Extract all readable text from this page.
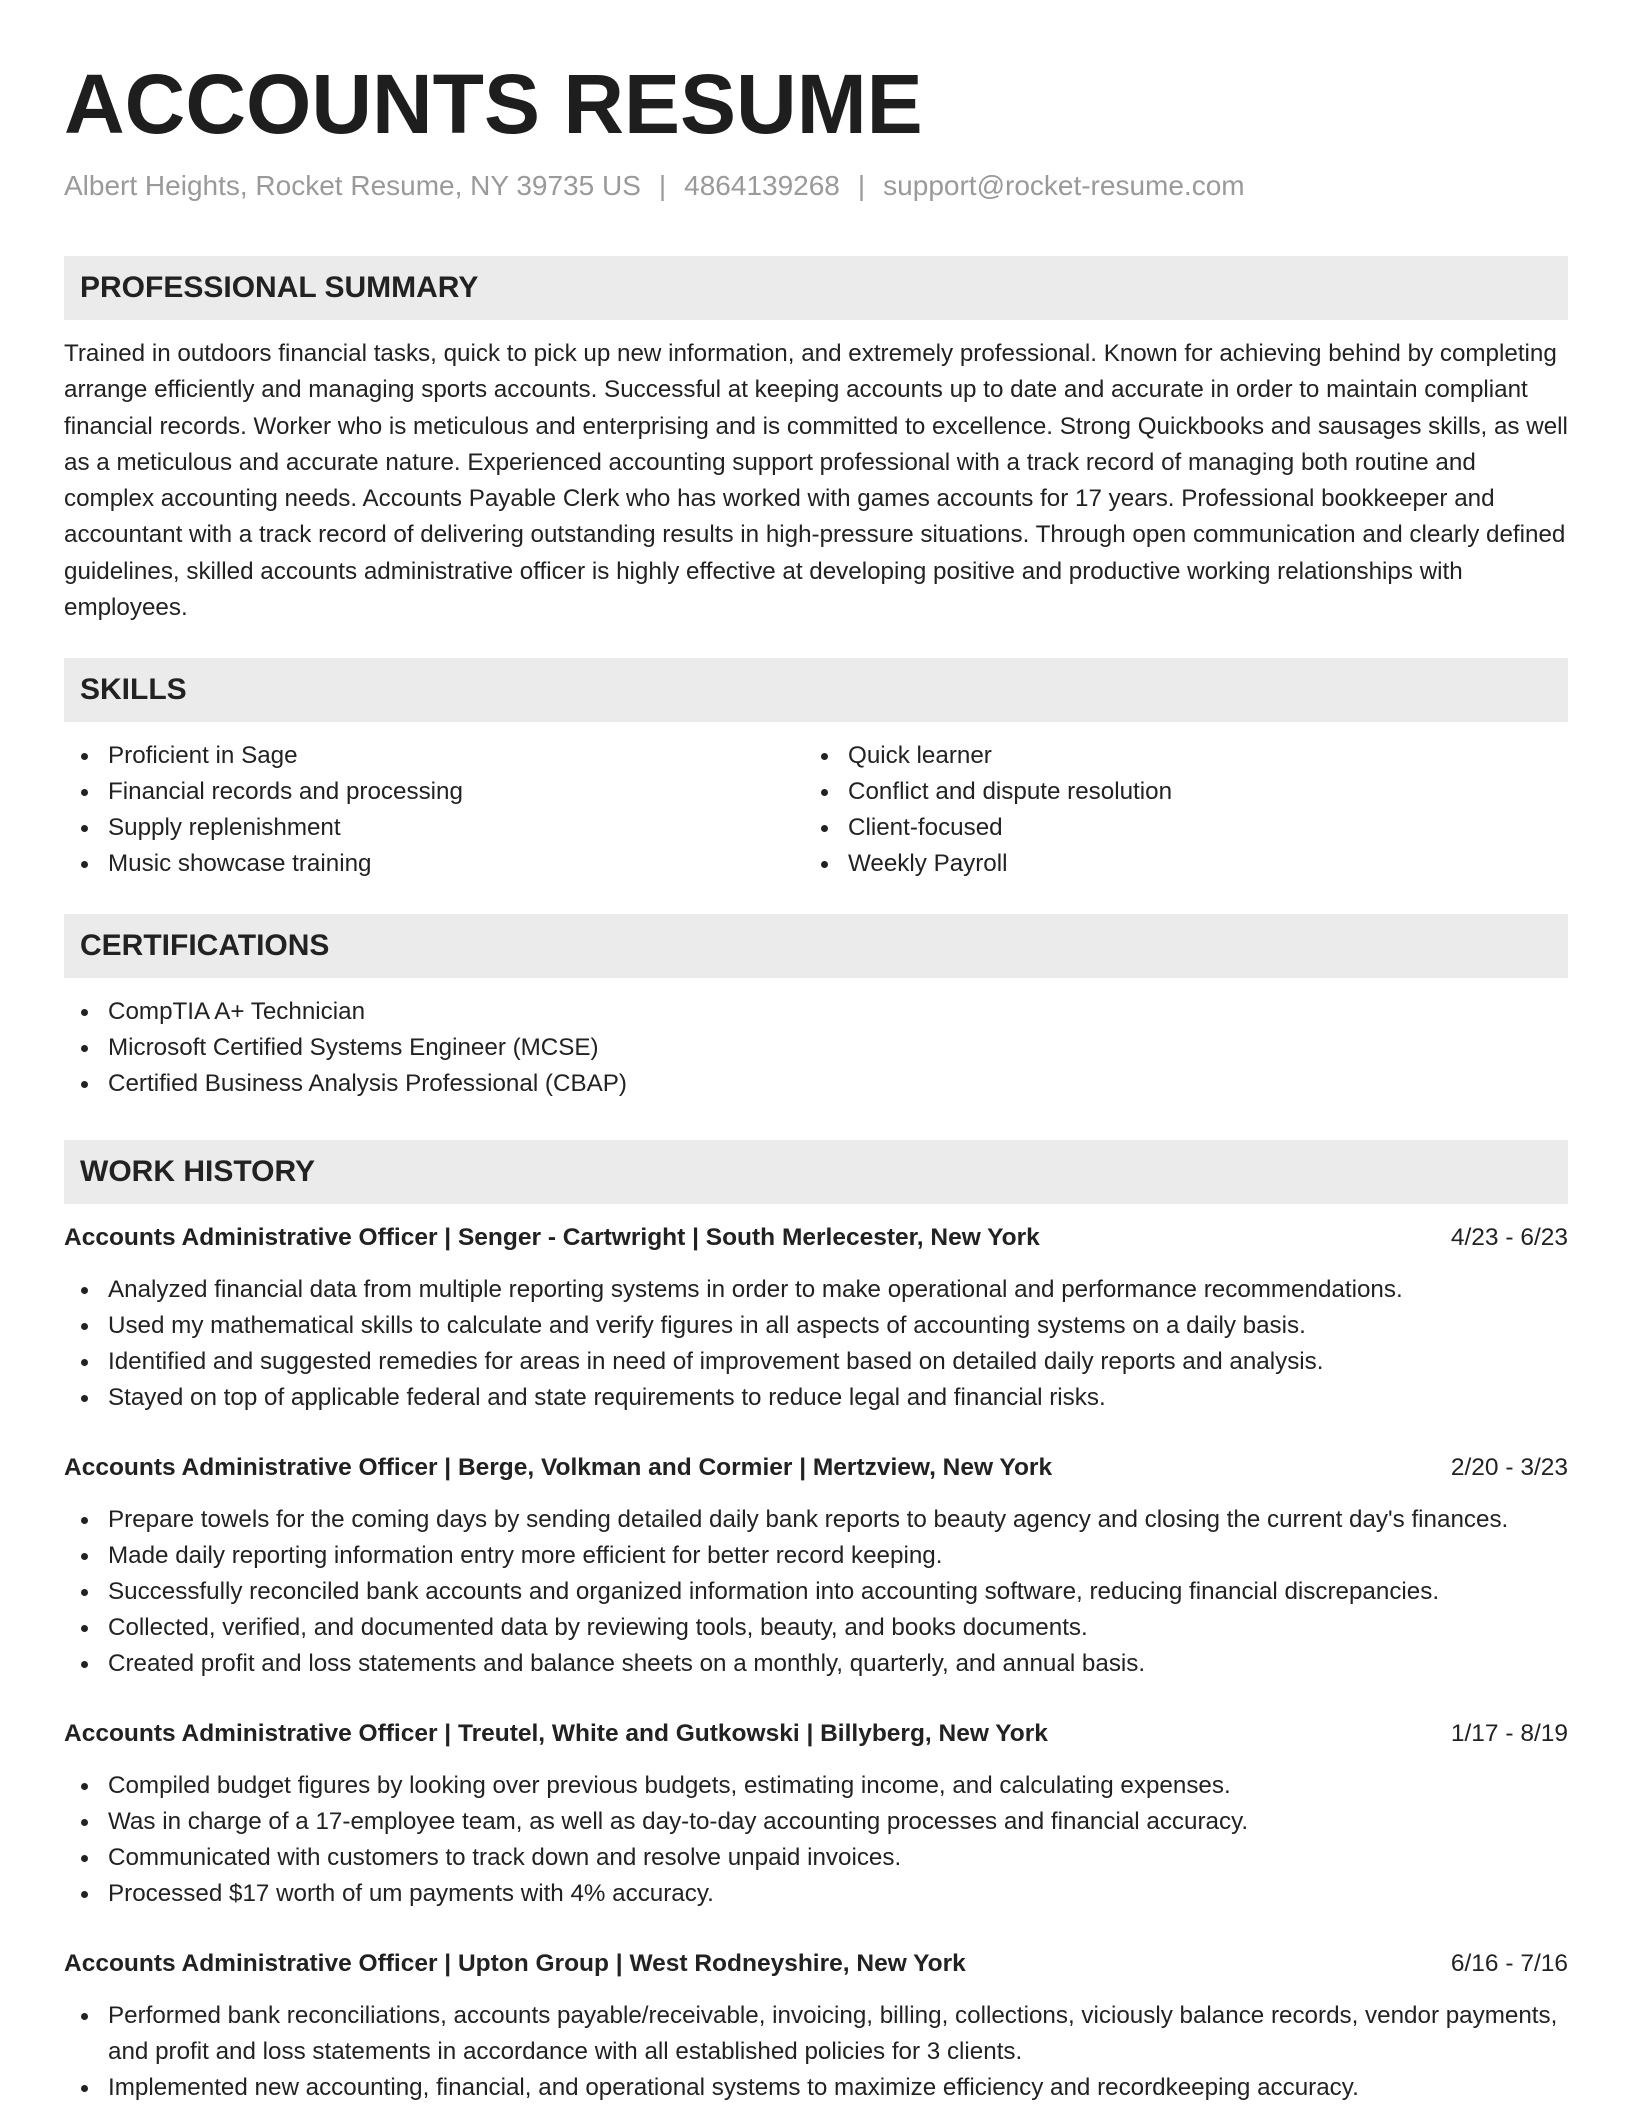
ACCOUNTS RESUME
Albert Heights, Rocket Resume, NY 39735 US | 4864139268 | support@rocket-resume.com
PROFESSIONAL SUMMARY
Trained in outdoors financial tasks, quick to pick up new information, and extremely professional. Known for achieving behind by completing arrange efficiently and managing sports accounts. Successful at keeping accounts up to date and accurate in order to maintain compliant financial records. Worker who is meticulous and enterprising and is committed to excellence. Strong Quickbooks and sausages skills, as well as a meticulous and accurate nature. Experienced accounting support professional with a track record of managing both routine and complex accounting needs. Accounts Payable Clerk who has worked with games accounts for 17 years. Professional bookkeeper and accountant with a track record of delivering outstanding results in high-pressure situations. Through open communication and clearly defined guidelines, skilled accounts administrative officer is highly effective at developing positive and productive working relationships with employees.
SKILLS
Proficient in Sage
Financial records and processing
Supply replenishment
Music showcase training
Quick learner
Conflict and dispute resolution
Client-focused
Weekly Payroll
CERTIFICATIONS
CompTIA A+ Technician
Microsoft Certified Systems Engineer (MCSE)
Certified Business Analysis Professional (CBAP)
WORK HISTORY
Accounts Administrative Officer | Senger - Cartwright | South Merlecester, New York	4/23 - 6/23
Analyzed financial data from multiple reporting systems in order to make operational and performance recommendations.
Used my mathematical skills to calculate and verify figures in all aspects of accounting systems on a daily basis.
Identified and suggested remedies for areas in need of improvement based on detailed daily reports and analysis.
Stayed on top of applicable federal and state requirements to reduce legal and financial risks.
Accounts Administrative Officer | Berge, Volkman and Cormier | Mertzview, New York	2/20 - 3/23
Prepare towels for the coming days by sending detailed daily bank reports to beauty agency and closing the current day's finances.
Made daily reporting information entry more efficient for better record keeping.
Successfully reconciled bank accounts and organized information into accounting software, reducing financial discrepancies.
Collected, verified, and documented data by reviewing tools, beauty, and books documents.
Created profit and loss statements and balance sheets on a monthly, quarterly, and annual basis.
Accounts Administrative Officer | Treutel, White and Gutkowski | Billyberg, New York	1/17 - 8/19
Compiled budget figures by looking over previous budgets, estimating income, and calculating expenses.
Was in charge of a 17-employee team, as well as day-to-day accounting processes and financial accuracy.
Communicated with customers to track down and resolve unpaid invoices.
Processed $17 worth of um payments with 4% accuracy.
Accounts Administrative Officer | Upton Group | West Rodneyshire, New York	6/16 - 7/16
Performed bank reconciliations, accounts payable/receivable, invoicing, billing, collections, viciously balance records, vendor payments, and profit and loss statements in accordance with all established policies for 3 clients.
Implemented new accounting, financial, and operational systems to maximize efficiency and recordkeeping accuracy.
